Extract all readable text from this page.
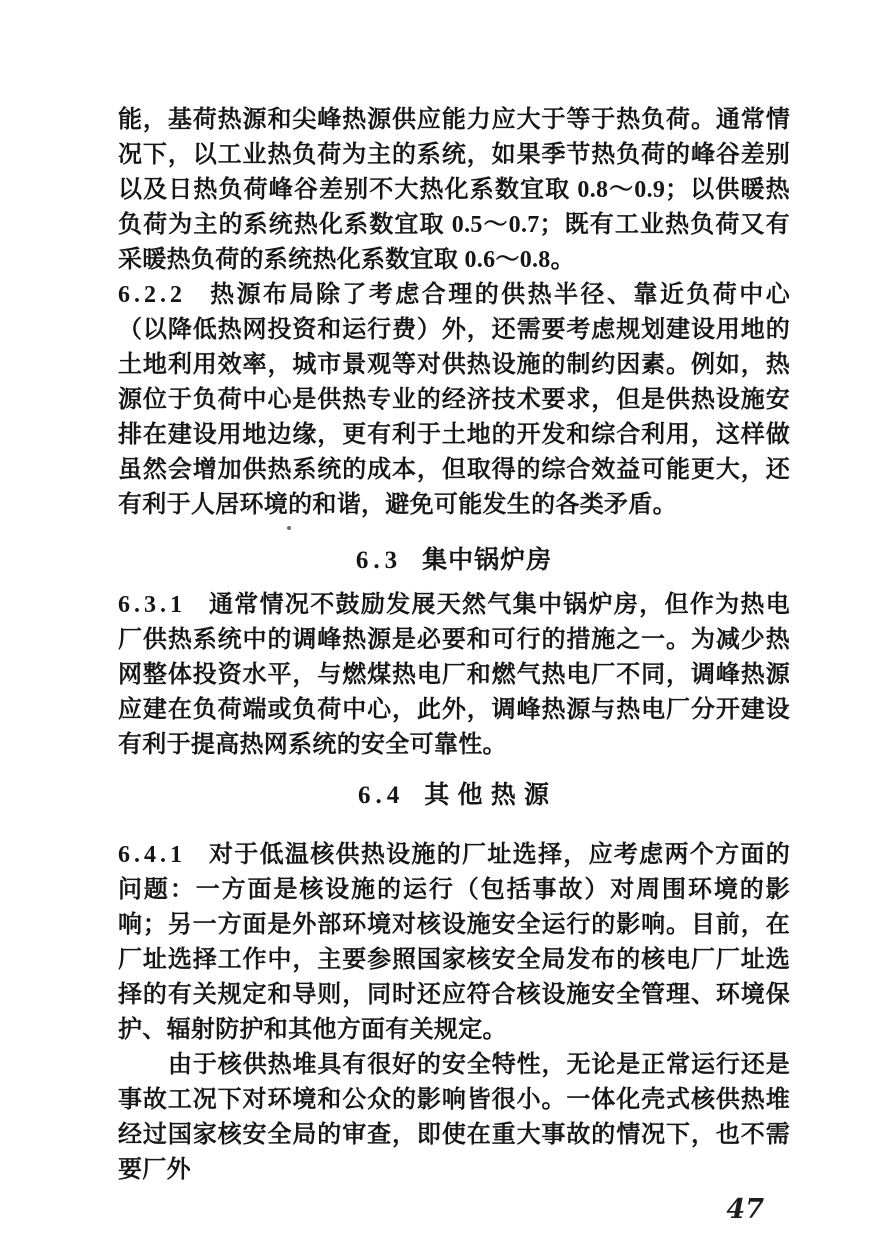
能，基荷热源和尖峰热源供应能力应大于等于热负荷。通常情况下，以工业热负荷为主的系统，如果季节热负荷的峰谷差别以及日热负荷峰谷差别不大热化系数宜取 0.8～0.9；以供暖热负荷为主的系统热化系数宜取 0.5～0.7；既有工业热负荷又有采暖热负荷的系统热化系数宜取 0.6～0.8。

6.2.2 热源布局除了考虑合理的供热半径、靠近负荷中心（以降低热网投资和运行费）外，还需要考虑规划建设用地的土地利用效率，城市景观等对供热设施的制约因素。例如，热源位于负荷中心是供热专业的经济技术要求，但是供热设施安排在建设用地边缘，更有利于土地的开发和综合利用，这样做虽然会增加供热系统的成本，但取得的综合效益可能更大，还有利于人居环境的和谐，避免可能发生的各类矛盾。

6.3 集中锅炉房

6.3.1 通常情况不鼓励发展天然气集中锅炉房，但作为热电厂供热系统中的调峰热源是必要和可行的措施之一。为减少热网整体投资水平，与燃煤热电厂和燃气热电厂不同，调峰热源应建在负荷端或负荷中心，此外，调峰热源与热电厂分开建设有利于提高热网系统的安全可靠性。

6.4 其 他 热 源

6.4.1 对于低温核供热设施的厂址选择，应考虑两个方面的问题：一方面是核设施的运行（包括事故）对周围环境的影响；另一方面是外部环境对核设施安全运行的影响。目前，在厂址选择工作中，主要参照国家核安全局发布的核电厂厂址选择的有关规定和导则，同时还应符合核设施安全管理、环境保护、辐射防护和其他方面有关规定。

由于核供热堆具有很好的安全特性，无论是正常运行还是事故工况下对环境和公众的影响皆很小。一体化壳式核供热堆经过国家核安全局的审查，即使在重大事故的情况下，也不需要厂外

47
